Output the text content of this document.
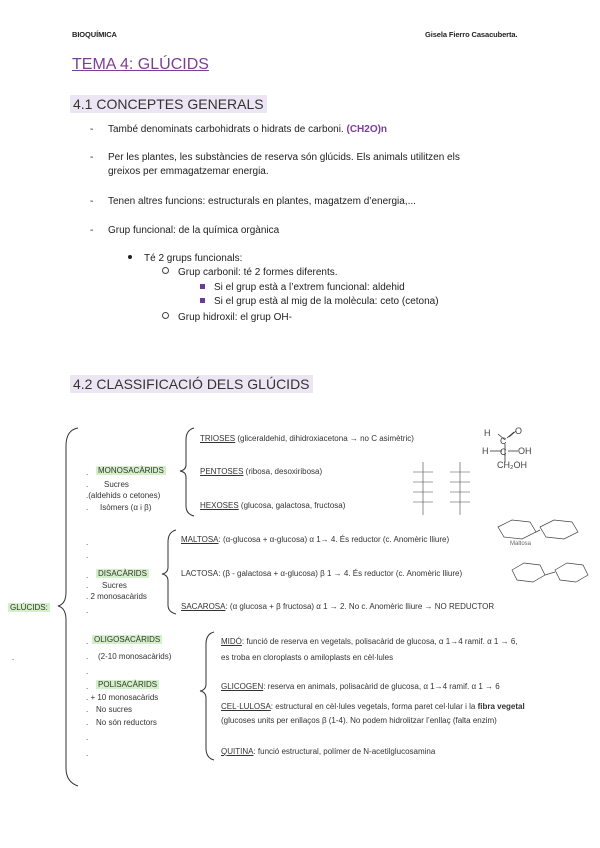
BIOQUÍMICA	Gisela Fierro Casacuberta.
TEMA 4: GLÚCIDS
4.1 CONCEPTES GENERALS
- També denominats carbohidrats o hidrats de carboni. (CH2O)n
- Per les plantes, les substàncies de reserva són glúcids. Els animals utilitzen els
greixos per emmagatzemar energia.
- Tenen altres funcions: estructurals en plantes, magatzem d’energia,...
- Grup funcional: de la química orgànica
Té 2 grups funcionals:
Grup carbonil: té 2 formes diferents.
Si el grup està a l’extrem funcional: aldehid
Si el grup està al mig de la molècula: ceto (cetona)
Grup hidroxil: el grup OH-
4.2 CLASSIFICACIÓ DELS GLÚCIDS
H
C
O
H C OH
CH₂OH
Maltosa
GLÚCIDS:
. MONOSACÀRIDS
. Sucres
.(aldehids o cetones)
. Isòmers (α i β)
TRIOSES (gliceraldehid, dihidroxiacetona → no C asimètric)
PENTOSES (ribosa, desoxiribosa)
HEXOSES (glucosa, galactosa, fructosa)
.
.
. DISACÀRIDS
. Sucres
. 2 monosacàrids
.
MALTOSA: (α-glucosa + α-glucosa) α 1→ 4. És reductor (c. Anomèric lliure)
LACTOSA: (β - galactosa + α-glucosa) β 1 → 4. És reductor (c. Anomèric lliure)
SACAROSA: (α glucosa + β fructosa) α 1 → 2. No c. Anomèric lliure → NO REDUCTOR
. OLIGOSACÀRIDS
. (2-10 monosacàrids)
.
.
. POLISACÀRIDS
. + 10 monosacàrids
. No sucres
. No són reductors
.
.
MIDÓ: funció de reserva en vegetals, polisacàrid de glucosa, α 1→4 ramif. α 1 → 6,
es troba en cloroplasts o amiloplasts en cèl·lules
GLICOGEN: reserva en animals, polisacàrid de glucosa, α 1→4 ramif. α 1 → 6
CEL·LULOSA: estructural en cèl·lules vegetals, forma paret cel·lular i la fibra vegetal
(glucoses units per enllaços β (1-4). No podem hidrolitzar l’enllaç (falta enzim)
QUITINA: funció estructural, polímer de N-acetilglucosamina
